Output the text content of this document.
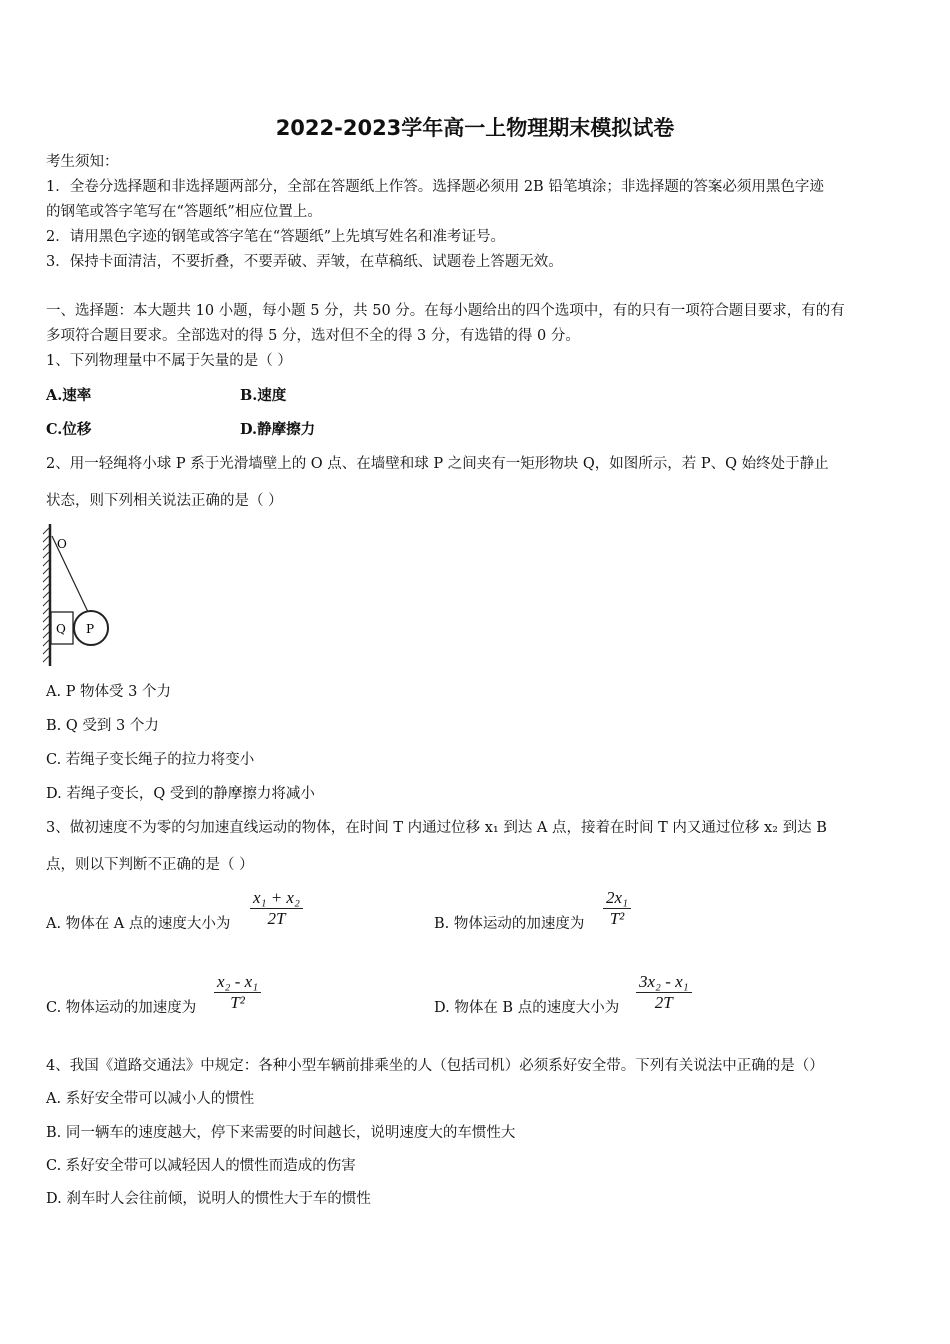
2022-2023学年高一上物理期末模拟试卷
考生须知：
1．全卷分选择题和非选择题两部分，全部在答题纸上作答。选择题必须用 2B 铅笔填涂；非选择题的答案必须用黑色字迹
的钢笔或答字笔写在“答题纸”相应位置上。
2．请用黑色字迹的钢笔或答字笔在“答题纸”上先填写姓名和准考证号。
3．保持卡面清洁，不要折叠，不要弄破、弄皱，在草稿纸、试题卷上答题无效。
一、选择题：本大题共 10 小题，每小题 5 分，共 50 分。在每小题给出的四个选项中，有的只有一项符合题目要求，有的有
多项符合题目要求。全部选对的得 5 分，选对但不全的得 3 分，有选错的得 0 分。
1、下列物理量中不属于矢量的是（ ）
A.速率	B.速度
C.位移	D.静摩擦力
2、用一轻绳将小球 P 系于光滑墙壁上的 O 点、在墙壁和球 P 之间夹有一矩形物块 Q，如图所示，若 P、Q 始终处于静止
状态，则下列相关说法正确的是（ ）
O
Q P
A. P 物体受 3 个力
B. Q 受到 3 个力
C. 若绳子变长绳子的拉力将变小
D. 若绳子变长，Q 受到的静摩擦力将减小
3、做初速度不为零的匀加速直线运动的物体，在时间 T 内通过位移 x₁ 到达 A 点，接着在时间 T 内又通过位移 x₂ 到达 B
点，则以下判断不正确的是（ ）
A. 物体在 A 点的速度大小为 $\frac{\text{x₁ + x₂}}{2T}$	B. 物体运动的加速度为 $\frac{\text{2x₁}}{\text{T²}}$
C. 物体运动的加速度为 $\frac{\text{x₂ - x₁}}{\text{T²}}$	D. 物体在 B 点的速度大小为 $\frac{\text{3x₂ - x₁}}{2T}$
4、我国《道路交通法》中规定：各种小型车辆前排乘坐的人（包括司机）必须系好安全带。下列有关说法中正确的是（）
A. 系好安全带可以减小人的惯性
B. 同一辆车的速度越大，停下来需要的时间越长，说明速度大的车惯性大
C. 系好安全带可以减轻因人的惯性而造成的伤害
D. 刹车时人会往前倾，说明人的惯性大于车的惯性
